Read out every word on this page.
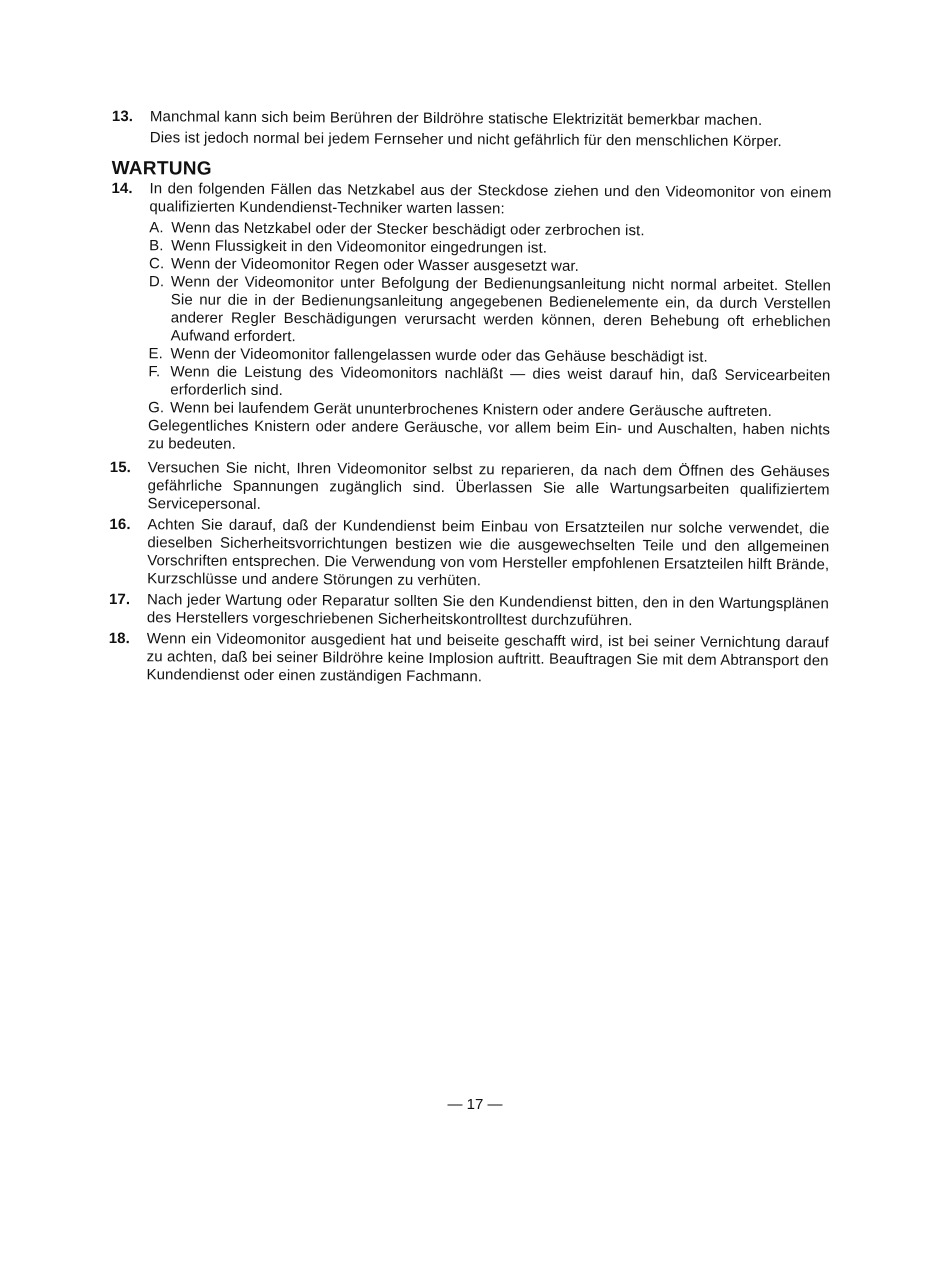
13.	Manchmal kann sich beim Berühren der Bildröhre statische Elektrizität bemerkbar machen.

Dies ist jedoch normal bei jedem Fernseher und nicht gefährlich für den menschlichen Körper.

WARTUNG
14.	In den folgenden Fällen das Netzkabel aus der Steckdose ziehen und den Videomonitor von einem qualifizierten Kundendienst-Techniker warten lassen:

A. Wenn das Netzkabel oder der Stecker beschädigt oder zerbrochen ist.
B. Wenn Flussigkeit in den Videomonitor eingedrungen ist.
C. Wenn der Videomonitor Regen oder Wasser ausgesetzt war.
D. Wenn der Videomonitor unter Befolgung der Bedienungsanleitung nicht normal arbeitet. Stellen Sie nur die in der Bedienungsanleitung angegebenen Bedienelemente ein, da durch Verstellen anderer Regler Beschädigungen verursacht werden können, deren Behebung oft erheblichen Aufwand erfordert.
E. Wenn der Videomonitor fallengelassen wurde oder das Gehäuse beschädigt ist.
F. Wenn die Leistung des Videomonitors nachläßt — dies weist darauf hin, daß Servicearbeiten erforderlich sind.
G. Wenn bei laufendem Gerät ununterbrochenes Knistern oder andere Geräusche auftreten.

Gelegentliches Knistern oder andere Geräusche, vor allem beim Ein- und Auschalten, haben nichts zu bedeuten.

15.	Versuchen Sie nicht, Ihren Videomonitor selbst zu reparieren, da nach dem Öffnen des Gehäuses gefährliche Spannungen zugänglich sind. Überlassen Sie alle Wartungsarbeiten qualifiziertem Servicepersonal.
16.	Achten Sie darauf, daß der Kundendienst beim Einbau von Ersatzteilen nur solche verwendet, die dieselben Sicherheitsvorrichtungen bestizen wie die ausgewechselten Teile und den allgemeinen Vorschriften entsprechen. Die Verwendung von vom Hersteller empfohlenen Ersatzteilen hilft Brände, Kurzschlüsse und andere Störungen zu verhüten.
17.	Nach jeder Wartung oder Reparatur sollten Sie den Kundendienst bitten, den in den Wartungsplänen des Herstellers vorgeschriebenen Sicherheitskontrolltest durchzuführen.
18.	Wenn ein Videomonitor ausgedient hat und beiseite geschafft wird, ist bei seiner Vernichtung darauf zu achten, daß bei seiner Bildröhre keine Implosion auftritt. Beauftragen Sie mit dem Abtransport den Kundendienst oder einen zuständigen Fachmann.
— 17 —
